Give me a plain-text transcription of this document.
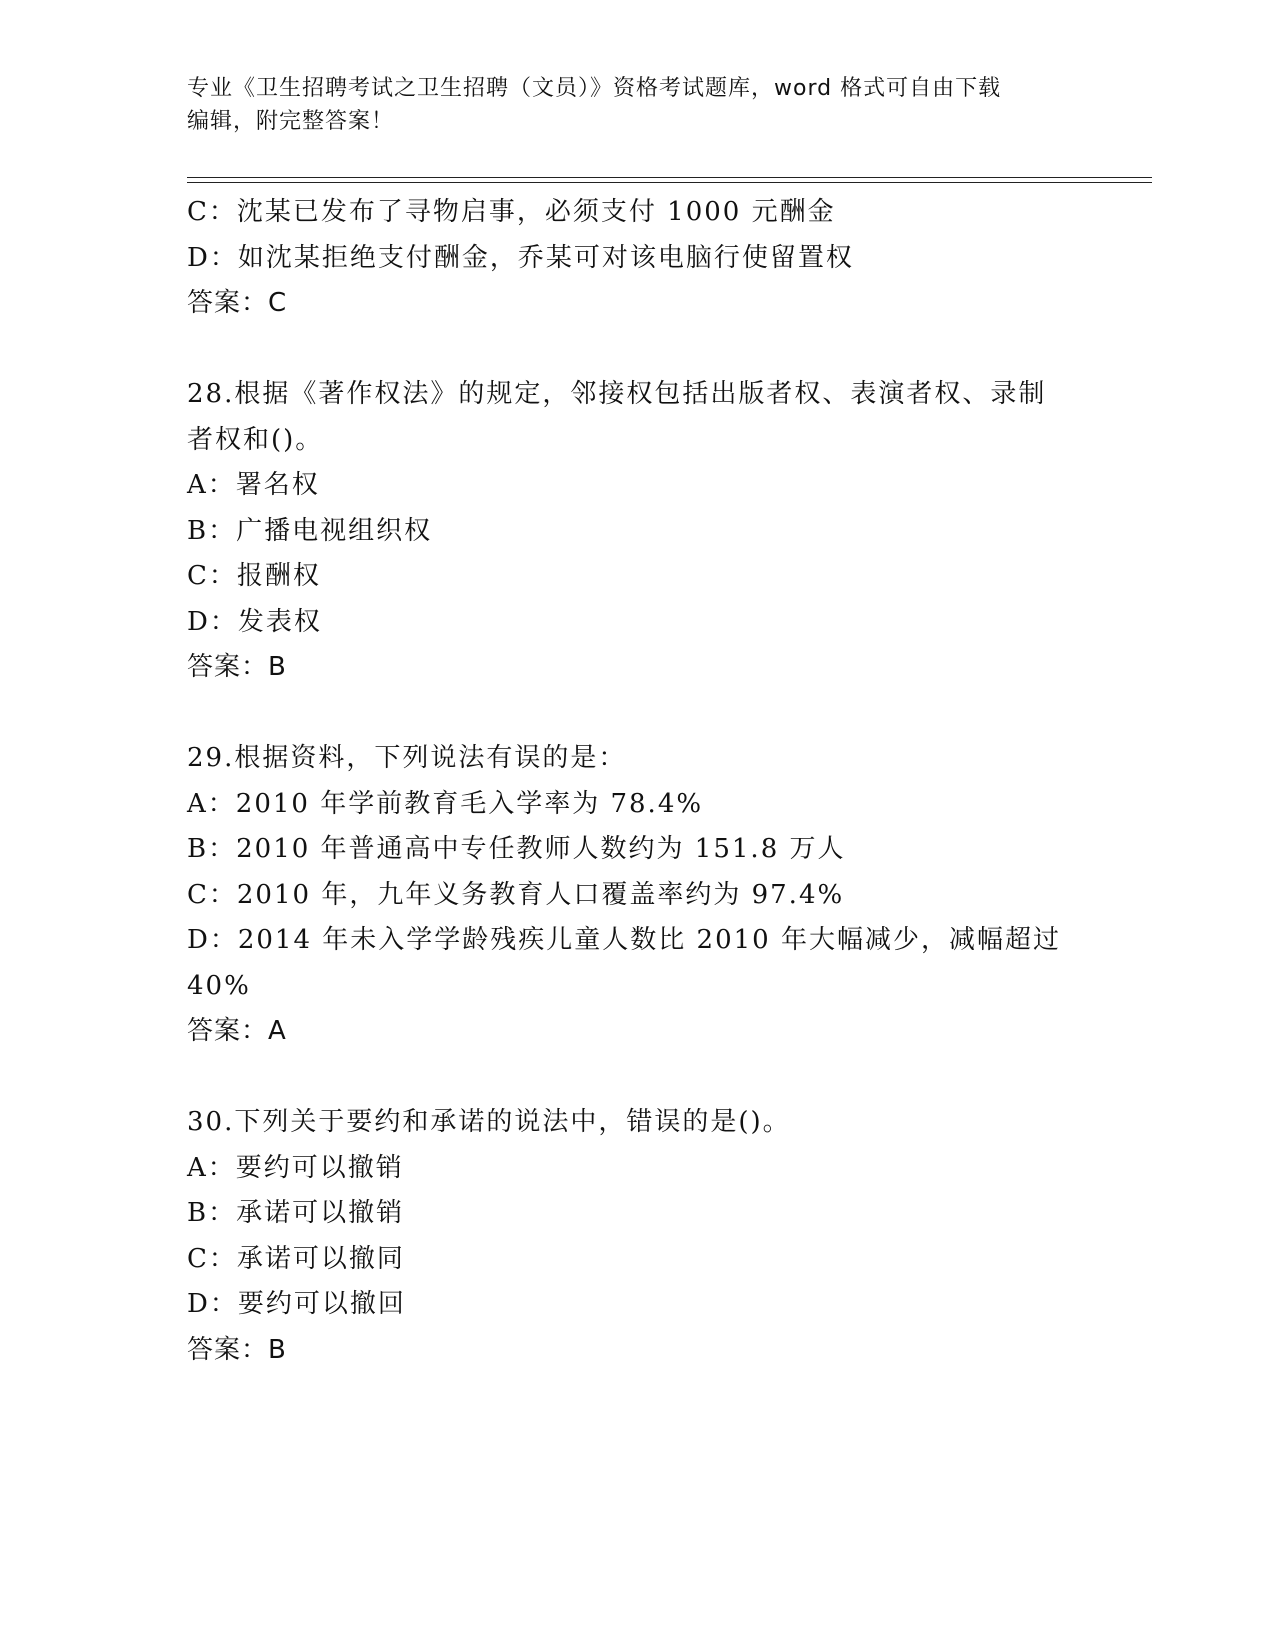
专业《卫生招聘考试之卫生招聘（文员）》资格考试题库，word 格式可自由下载
编辑，附完整答案！
C：沈某已发布了寻物启事，必须支付 1000 元酬金
D：如沈某拒绝支付酬金，乔某可对该电脑行使留置权
答案：C
28.根据《著作权法》的规定，邻接权包括出版者权、表演者权、录制
者权和()。
A：署名权
B：广播电视组织权
C：报酬权
D：发表权
答案：B
29.根据资料，下列说法有误的是：
A：2010 年学前教育毛入学率为 78.4%
B：2010 年普通高中专任教师人数约为 151.8 万人
C：2010 年，九年义务教育人口覆盖率约为 97.4%
D：2014 年未入学学龄残疾儿童人数比 2010 年大幅减少，减幅超过
40%
答案：A
30.下列关于要约和承诺的说法中，错误的是()。
A：要约可以撤销
B：承诺可以撤销
C：承诺可以撤同
D：要约可以撤回
答案：B
